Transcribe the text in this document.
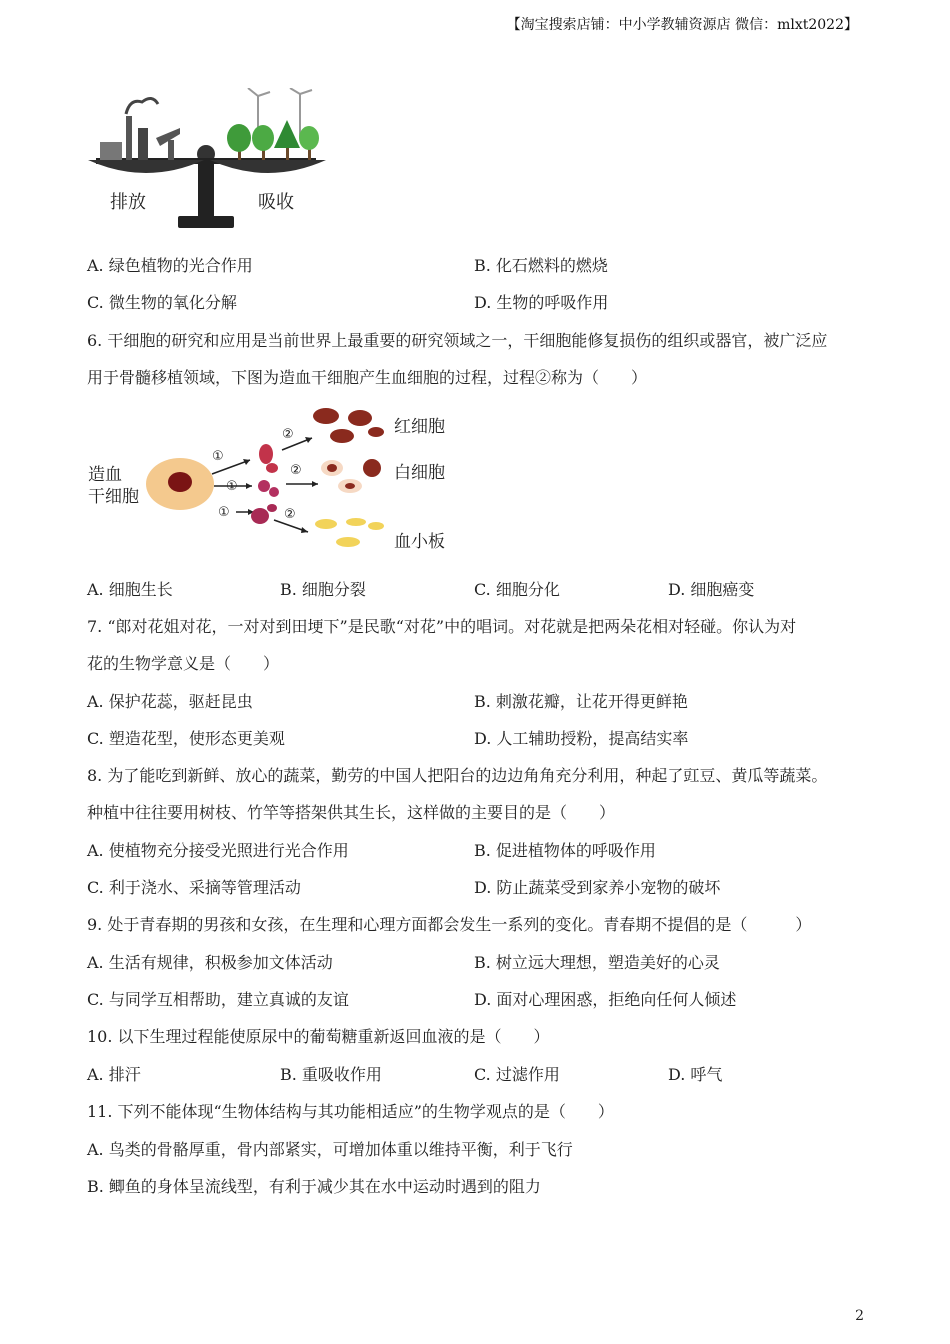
【淘宝搜索店铺：中小学教辅资源店 微信：mlxt2022】
排放	吸收
A. 绿色植物的光合作用	B. 化石燃料的燃烧
C. 微生物的氧化分解	D. 生物的呼吸作用
6. 干细胞的研究和应用是当前世界上最重要的研究领域之一，干细胞能修复损伤的组织或器官，被广泛应
用于骨髓移植领域，下图为造血干细胞产生血细胞的过程，过程②称为（　　）
造血
干细胞
①
①
①
②
②
②
红细胞
白细胞
血小板
A. 细胞生长	B. 细胞分裂	C. 细胞分化	D. 细胞癌变
7. “郎对花姐对花，一对对到田埂下”是民歌“对花”中的唱词。对花就是把两朵花相对轻碰。你认为对
花的生物学意义是（　　）
A. 保护花蕊，驱赶昆虫	B. 刺激花瓣，让花开得更鲜艳
C. 塑造花型，使形态更美观	D. 人工辅助授粉，提高结实率
8. 为了能吃到新鲜、放心的蔬菜，勤劳的中国人把阳台的边边角角充分利用，种起了豇豆、黄瓜等蔬菜。
种植中往往要用树枝、竹竿等搭架供其生长，这样做的主要目的是（　　）
A. 使植物充分接受光照进行光合作用	B. 促进植物体的呼吸作用
C. 利于浇水、采摘等管理活动	D. 防止蔬菜受到家养小宠物的破坏
9. 处于青春期的男孩和女孩，在生理和心理方面都会发生一系列的变化。青春期不提倡的是（　　　）
A. 生活有规律，积极参加文体活动	B. 树立远大理想，塑造美好的心灵
C. 与同学互相帮助，建立真诚的友谊	D. 面对心理困惑，拒绝向任何人倾述
10. 以下生理过程能使原尿中的葡萄糖重新返回血液的是（　　）
A. 排汗	B. 重吸收作用	C. 过滤作用	D. 呼气
11. 下列不能体现“生物体结构与其功能相适应”的生物学观点的是（　　）
A. 鸟类的骨骼厚重，骨内部紧实，可增加体重以维持平衡，利于飞行
B. 鲫鱼的身体呈流线型，有利于减少其在水中运动时遇到的阻力
2
